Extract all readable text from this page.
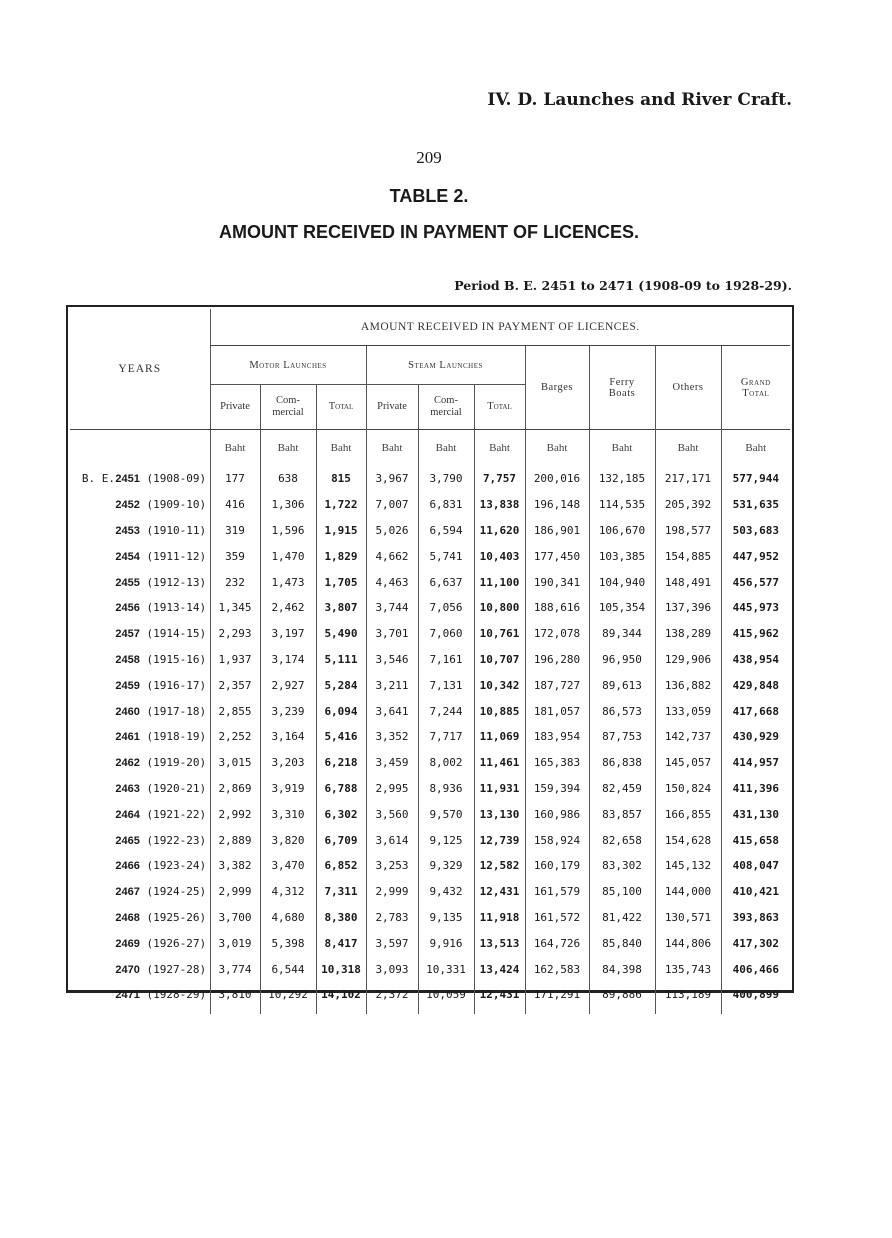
IV. D. Launches and River Craft.
209
TABLE 2.
AMOUNT RECEIVED IN PAYMENT OF LICENCES.
Period B. E. 2451 to 2471 (1908-09 to 1928-29).
YEARS	AMOUNT RECEIVED IN PAYMENT OF LICENCES.									
	Motor Launches			Steam Launches			Barges	Ferry Boats	Others	Grand Total
	Private	Com- mercial	Total	Private	Com- mercial	Total				
	Baht	Baht	Baht	Baht	Baht	Baht	Baht	Baht	Baht	Baht
B. E.2451 (1908-09)	177	638	815	3,967	3,790	7,757	200,016	132,185	217,171	577,944
2452 (1909-10)	416	1,306	1,722	7,007	6,831	13,838	196,148	114,535	205,392	531,635
2453 (1910-11)	319	1,596	1,915	5,026	6,594	11,620	186,901	106,670	198,577	503,683
2454 (1911-12)	359	1,470	1,829	4,662	5,741	10,403	177,450	103,385	154,885	447,952
2455 (1912-13)	232	1,473	1,705	4,463	6,637	11,100	190,341	104,940	148,491	456,577
2456 (1913-14)	1,345	2,462	3,807	3,744	7,056	10,800	188,616	105,354	137,396	445,973
2457 (1914-15)	2,293	3,197	5,490	3,701	7,060	10,761	172,078	89,344	138,289	415,962
2458 (1915-16)	1,937	3,174	5,111	3,546	7,161	10,707	196,280	96,950	129,906	438,954
2459 (1916-17)	2,357	2,927	5,284	3,211	7,131	10,342	187,727	89,613	136,882	429,848
2460 (1917-18)	2,855	3,239	6,094	3,641	7,244	10,885	181,057	86,573	133,059	417,668
2461 (1918-19)	2,252	3,164	5,416	3,352	7,717	11,069	183,954	87,753	142,737	430,929
2462 (1919-20)	3,015	3,203	6,218	3,459	8,002	11,461	165,383	86,838	145,057	414,957
2463 (1920-21)	2,869	3,919	6,788	2,995	8,936	11,931	159,394	82,459	150,824	411,396
2464 (1921-22)	2,992	3,310	6,302	3,560	9,570	13,130	160,986	83,857	166,855	431,130
2465 (1922-23)	2,889	3,820	6,709	3,614	9,125	12,739	158,924	82,658	154,628	415,658
2466 (1923-24)	3,382	3,470	6,852	3,253	9,329	12,582	160,179	83,302	145,132	408,047
2467 (1924-25)	2,999	4,312	7,311	2,999	9,432	12,431	161,579	85,100	144,000	410,421
2468 (1925-26)	3,700	4,680	8,380	2,783	9,135	11,918	161,572	81,422	130,571	393,863
2469 (1926-27)	3,019	5,398	8,417	3,597	9,916	13,513	164,726	85,840	144,806	417,302
2470 (1927-28)	3,774	6,544	10,318	3,093	10,331	13,424	162,583	84,398	135,743	406,466
2471 (1928-29)	3,810	10,292	14,102	2,372	10,059	12,431	171,291	89,886	113,189	400,899
